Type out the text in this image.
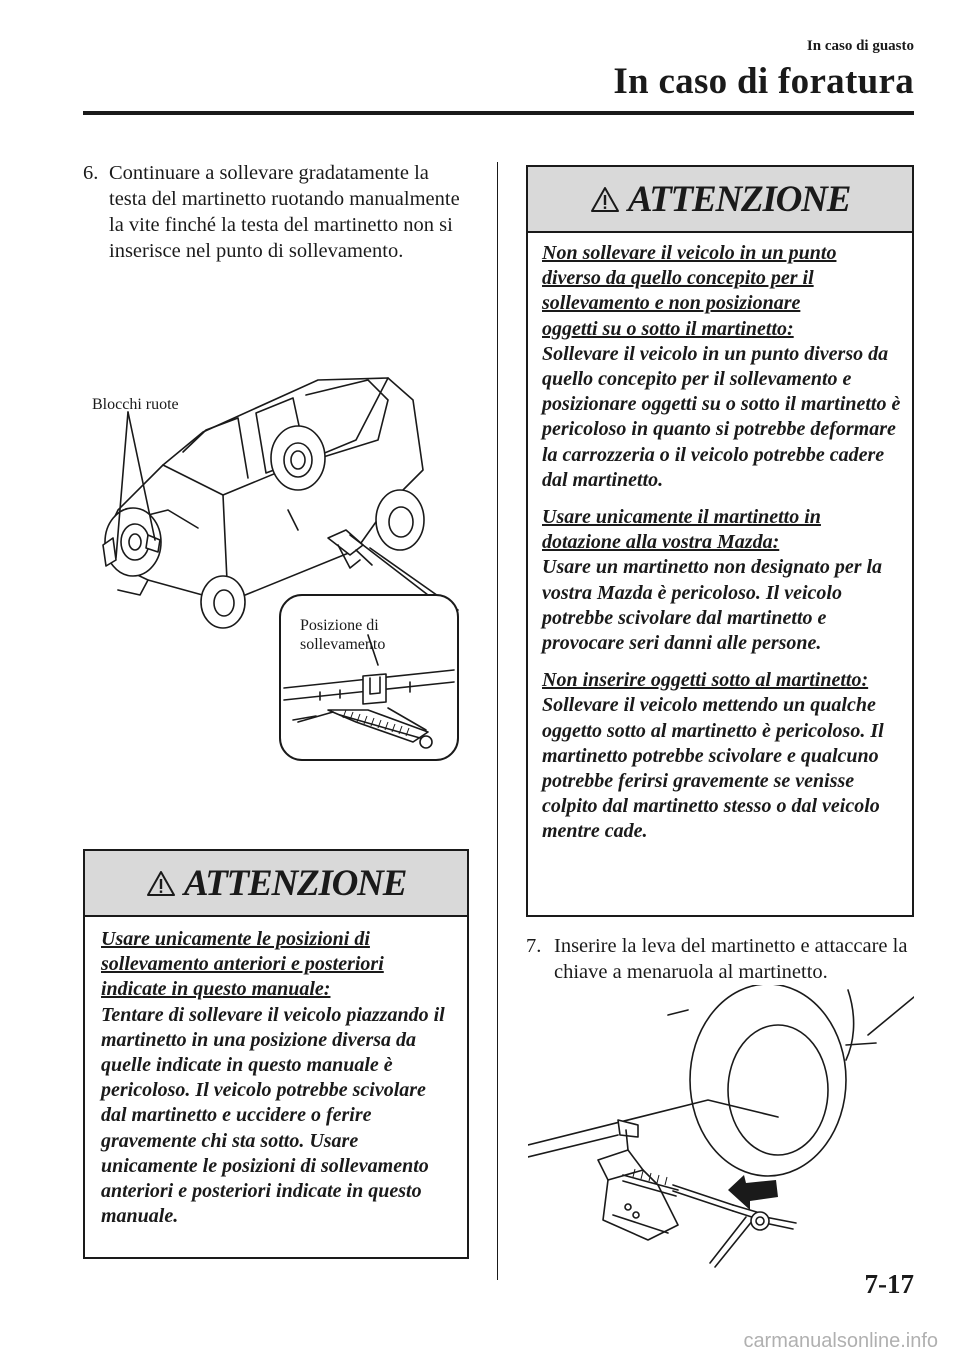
In caso di guasto
In caso di foratura
6. Continuare a sollevare gradatamente la testa del martinetto ruotando manualmente la vite finché la testa del martinetto non si inserisce nel punto di sollevamento.
Blocchi ruote
Posizione di
sollevamento
ATTENZIONE

Usare unicamente le posizioni di
sollevamento anteriori e posteriori
indicate in questo manuale:
Tentare di sollevare il veicolo piazzando il martinetto in una posizione diversa da quelle indicate in questo manuale è pericoloso. Il veicolo potrebbe scivolare dal martinetto e uccidere o ferire gravemente chi sta sotto. Usare unicamente le posizioni di sollevamento anteriori e posteriori indicate in questo manuale.

ATTENZIONE

Non sollevare il veicolo in un punto
diverso da quello concepito per il
sollevamento e non posizionare
oggetti su o sotto il martinetto:
Sollevare il veicolo in un punto diverso da quello concepito per il sollevamento e posizionare oggetti su o sotto il martinetto è pericoloso in quanto si potrebbe deformare la carrozzeria o il veicolo potrebbe cadere dal martinetto.

Usare unicamente il martinetto in
dotazione alla vostra Mazda:
Usare un martinetto non designato per la vostra Mazda è pericoloso. Il veicolo potrebbe scivolare dal martinetto e provocare seri danni alle persone.

Non inserire oggetti sotto al martinetto:
Sollevare il veicolo mettendo un qualche oggetto sotto al martinetto è pericoloso. Il martinetto potrebbe scivolare e qualcuno potrebbe ferirsi gravemente se venisse colpito dal martinetto stesso o dal veicolo mentre cade.

7. Inserire la leva del martinetto e attaccare la chiave a menaruola al martinetto.
7-17
carmanualsonline.info
